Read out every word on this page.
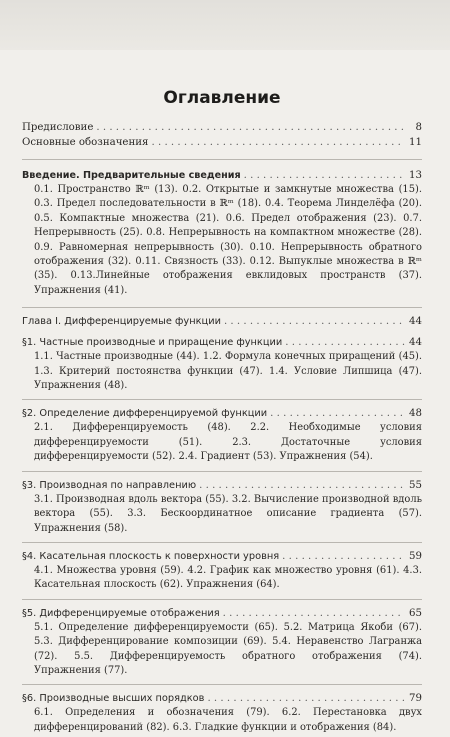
Оглавление
Предисловие . . .	8
Основные обозначения . . .	11
Введение. Предварительные сведения . . .	13
0.1. Пространство ℝᵐ (13). 0.2. Открытые и замкнутые множества (15). 0.3. Предел последовательности в ℝᵐ (18). 0.4. Теорема Линделёфа (20). 0.5. Компактные множества (21). 0.6. Предел отображения (23). 0.7. Непрерывность (25). 0.8. Непрерывность на компактном множестве (28). 0.9. Равномерная непрерывность (30). 0.10. Непрерывность обратного отображения (32). 0.11. Связность (33). 0.12. Выпуклые множества в ℝᵐ (35). 0.13.Линейные отображения евклидовых пространств (37). Упражнения (41).
Глава I. Дифференцируемые функции . . .	44
§1. Частные производные и приращение функции . . .	44
1.1. Частные производные (44). 1.2. Формула конечных приращений (45). 1.3. Критерий постоянства функции (47). 1.4. Условие Липшица (47). Упражнения (48).
§2. Определение дифференцируемой функции . . .	48
2.1. Дифференцируемость (48). 2.2. Необходимые условия дифференцируемости (51). 2.3. Достаточные условия дифференцируемости (52). 2.4. Градиент (53). Упражнения (54).
§3. Производная по направлению . . .	55
3.1. Производная вдоль вектора (55). 3.2. Вычисление производной вдоль вектора (55). 3.3. Бескоординатное описание градиента (57). Упражнения (58).
§4. Касательная плоскость к поверхности уровня . . .	59
4.1. Множества уровня (59). 4.2. График как множество уровня (61). 4.3. Касательная плоскость (62). Упражнения (64).
§5. Дифференцируемые отображения . . .	65
5.1. Определение дифференцируемости (65). 5.2. Матрица Якоби (67). 5.3. Дифференцирование композиции (69). 5.4. Неравенство Лагранжа (72). 5.5. Дифференцируемость обратного отображения (74). Упражнения (77).
§6. Производные высших порядков . . .	79
6.1. Определения и обозначения (79). 6.2. Перестановка двух дифференцирований (82). 6.3. Гладкие функции и отображения (84).
